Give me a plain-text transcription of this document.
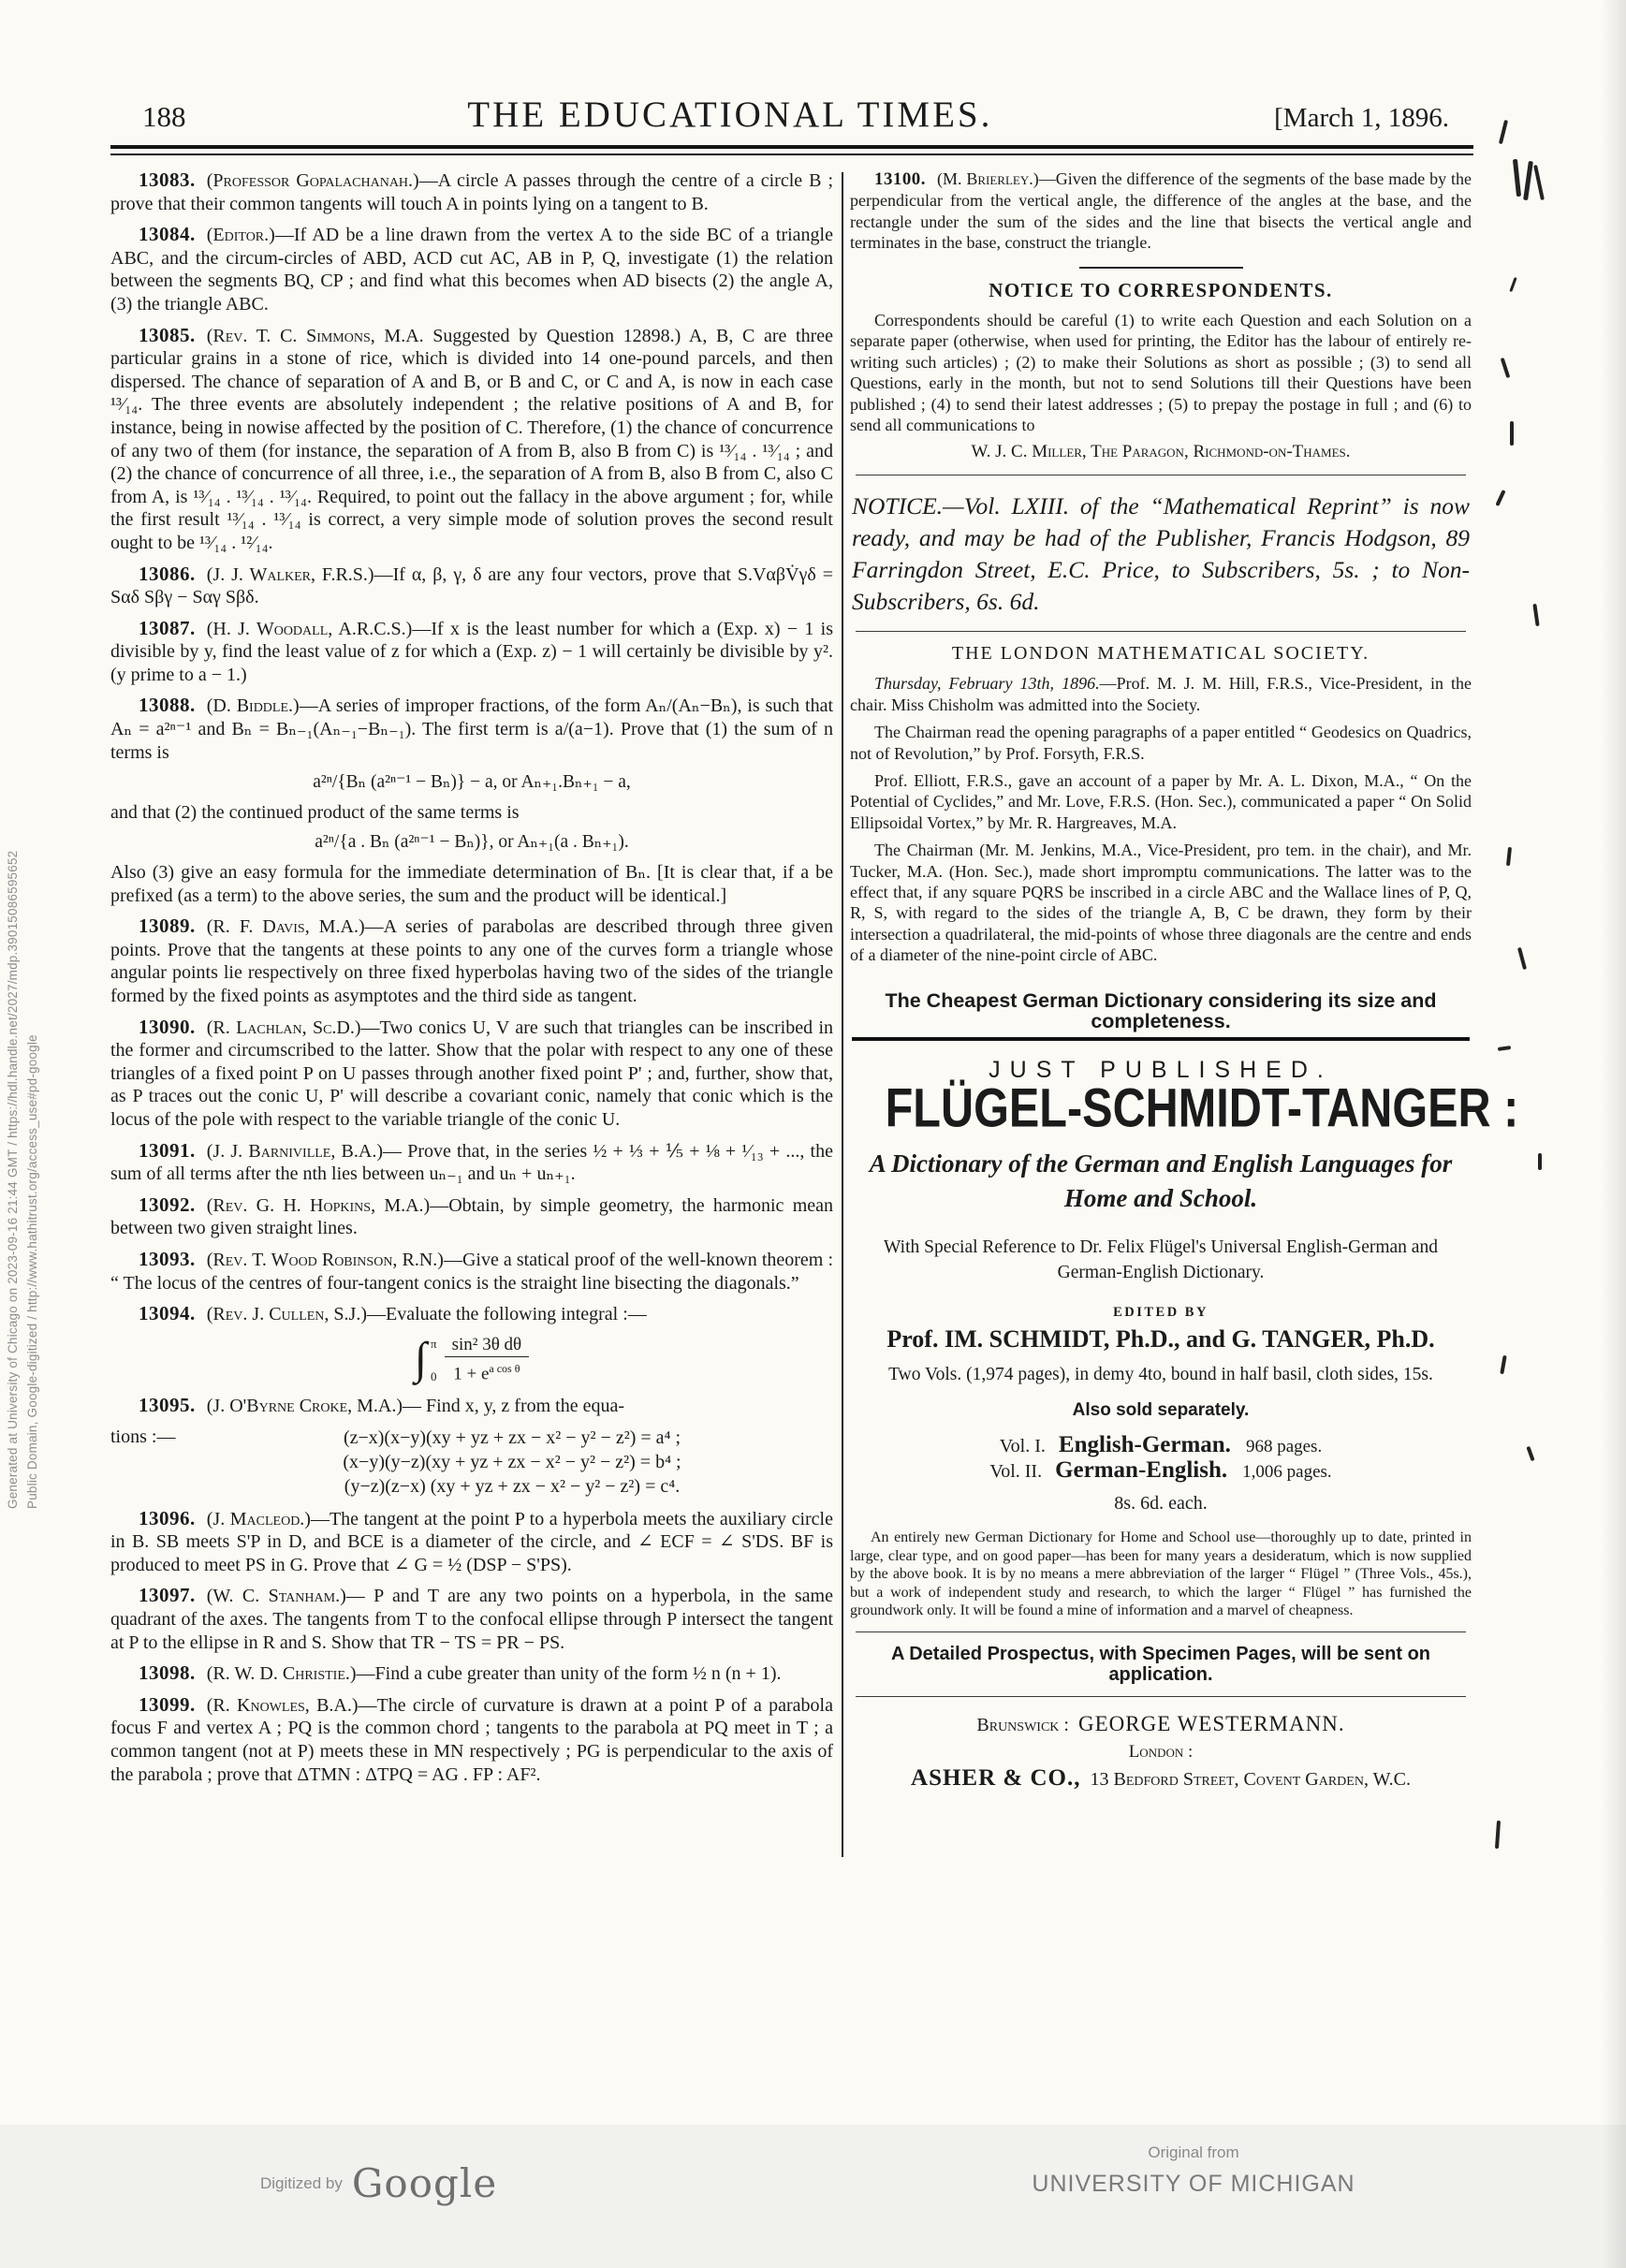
Generated at University of Chicago on 2023-09-16 21:44 GMT / https://hdl.handle.net/2027/mdp.39015086595652 Public Domain, Google-digitized / http://www.hathitrust.org/access_use#pd-google
188	THE EDUCATIONAL TIMES.	[March 1, 1896.

13083. (Professor Gopalachanah.)—A circle A passes through the centre of a circle B ; prove that their common tangents will touch A in points lying on a tangent to B.

13084. (Editor.)—If AD be a line drawn from the vertex A to the side BC of a triangle ABC, and the circum-circles of ABD, ACD cut AC, AB in P, Q, investigate (1) the relation between the segments BQ, CP ; and find what this becomes when AD bisects (2) the angle A, (3) the triangle ABC.

13085. (Rev. T. C. Simmons, M.A. Suggested by Question 12898.) A, B, C are three particular grains in a stone of rice, which is divided into 14 one-pound parcels, and then dispersed. The chance of separation of A and B, or B and C, or C and A, is now in each case ¹³⁄₁₄. The three events are absolutely independent ; the relative positions of A and B, for instance, being in nowise affected by the position of C. Therefore, (1) the chance of concurrence of any two of them (for instance, the separation of A from B, also B from C) is ¹³⁄₁₄ . ¹³⁄₁₄ ; and (2) the chance of concurrence of all three, i.e., the separation of A from B, also B from C, also C from A, is ¹³⁄₁₄ . ¹³⁄₁₄ . ¹³⁄₁₄. Required, to point out the fallacy in the above argument ; for, while the first result ¹³⁄₁₄ . ¹³⁄₁₄ is correct, a very simple mode of solution proves the second result ought to be ¹³⁄₁₄ . ¹²⁄₁₄.

13086. (J. J. Walker, F.R.S.)—If α, β, γ, δ are any four vectors, prove that S.VαβV̇γδ = Sαδ Sβγ − Sαγ Sβδ.

13087. (H. J. Woodall, A.R.C.S.)—If x is the least number for which a (Exp. x) − 1 is divisible by y, find the least value of z for which a (Exp. z) − 1 will certainly be divisible by y². (y prime to a − 1.)

13088. (D. Biddle.)—A series of improper fractions, of the form Aₙ/(Aₙ−Bₙ), is such that Aₙ = a²ⁿ⁻¹ and Bₙ = Bₙ₋₁(Aₙ₋₁−Bₙ₋₁). The first term is a/(a−1). Prove that (1) the sum of n terms is

a²ⁿ/{Bₙ (a²ⁿ⁻¹ − Bₙ)} − a, or Aₙ₊₁.Bₙ₊₁ − a,

and that (2) the continued product of the same terms is

a²ⁿ/{a . Bₙ (a²ⁿ⁻¹ − Bₙ)}, or Aₙ₊₁(a . Bₙ₊₁).

Also (3) give an easy formula for the immediate determination of Bₙ. [It is clear that, if a be prefixed (as a term) to the above series, the sum and the product will be identical.]

13089. (R. F. Davis, M.A.)—A series of parabolas are described through three given points. Prove that the tangents at these points to any one of the curves form a triangle whose angular points lie respectively on three fixed hyperbolas having two of the sides of the triangle formed by the fixed points as asymptotes and the third side as tangent.

13090. (R. Lachlan, Sc.D.)—Two conics U, V are such that triangles can be inscribed in the former and circumscribed to the latter. Show that the polar with respect to any one of these triangles of a fixed point P on U passes through another fixed point P' ; and, further, show that, as P traces out the conic U, P' will describe a covariant conic, namely that conic which is the locus of the pole with respect to the variable triangle of the conic U.

13091. (J. J. Barniville, B.A.)— Prove that, in the series ½ + ⅓ + ⅕ + ⅛ + ¹⁄₁₃ + ..., the sum of all terms after the nth lies between uₙ₋₁ and uₙ + uₙ₊₁.

13092. (Rev. G. H. Hopkins, M.A.)—Obtain, by simple geometry, the harmonic mean between two given straight lines.

13093. (Rev. T. Wood Robinson, R.N.)—Give a statical proof of the well-known theorem : “ The locus of the centres of four-tangent conics is the straight line bisecting the diagonals.”

13094. (Rev. J. Cullen, S.J.)—Evaluate the following integral :—

∫ π
$0 \frac{\text{sin² 3θ dθ}}{1 + e^{a cos \theta}}$

13095. (J. O'Byrne Croke, M.A.)— Find x, y, z from the equa-

tions :—	(z−x)(x−y)(xy + yz + zx − x² − y² − z²) = a⁴ ;
(x−y)(y−z)(xy + yz + zx − x² − y² − z²) = b⁴ ;
(y−z)(z−x) (xy + yz + zx − x² − y² − z²) = c⁴.

13096. (J. Macleod.)—The tangent at the point P to a hyperbola meets the auxiliary circle in B. SB meets S'P in D, and BCE is a diameter of the circle, and ∠ ECF = ∠ S'DS. BF is produced to meet PS in G. Prove that ∠ G = ½ (DSP − S'PS).

13097. (W. C. Stanham.)— P and T are any two points on a hyperbola, in the same quadrant of the axes. The tangents from T to the confocal ellipse through P intersect the tangent at P to the ellipse in R and S. Show that TR − TS = PR − PS.

13098. (R. W. D. Christie.)—Find a cube greater than unity of the form ½ n (n + 1).

13099. (R. Knowles, B.A.)—The circle of curvature is drawn at a point P of a parabola focus F and vertex A ; PQ is the common chord ; tangents to the parabola at PQ meet in T ; a common tangent (not at P) meets these in MN respectively ; PG is perpendicular to the axis of the parabola ; prove that ΔTMN : ΔTPQ = AG . FP : AF².

13100. (M. Brierley.)—Given the difference of the segments of the base made by the perpendicular from the vertical angle, the difference of the angles at the base, and the rectangle under the sum of the sides and the line that bisects the vertical angle and terminates in the base, construct the triangle.

NOTICE TO CORRESPONDENTS.

Correspondents should be careful (1) to write each Question and each Solution on a separate paper (otherwise, when used for printing, the Editor has the labour of entirely re-writing such articles) ; (2) to make their Solutions as short as possible ; (3) to send all Questions, early in the month, but not to send Solutions till their Questions have been published ; (4) to send their latest addresses ; (5) to prepay the postage in full ; and (6) to send all communications to

W. J. C. Miller, The Paragon, Richmond-on-Thames.

NOTICE.—Vol. LXIII. of the “Mathematical Reprint” is now ready, and may be had of the Publisher, Francis Hodgson, 89 Farringdon Street, E.C. Price, to Subscribers, 5s. ; to Non-Subscribers, 6s. 6d.

THE LONDON MATHEMATICAL SOCIETY.

Thursday, February 13th, 1896.—Prof. M. J. M. Hill, F.R.S., Vice-President, in the chair. Miss Chisholm was admitted into the Society.

The Chairman read the opening paragraphs of a paper entitled “ Geodesics on Quadrics, not of Revolution,” by Prof. Forsyth, F.R.S.

Prof. Elliott, F.R.S., gave an account of a paper by Mr. A. L. Dixon, M.A., “ On the Potential of Cyclides,” and Mr. Love, F.R.S. (Hon. Sec.), communicated a paper “ On Solid Ellipsoidal Vortex,” by Mr. R. Hargreaves, M.A.

The Chairman (Mr. M. Jenkins, M.A., Vice-President, pro tem. in the chair), and Mr. Tucker, M.A. (Hon. Sec.), made short impromptu communications. The latter was to the effect that, if any square PQRS be inscribed in a circle ABC and the Wallace lines of P, Q, R, S, with regard to the sides of the triangle A, B, C be drawn, they form by their intersection a quadrilateral, the mid-points of whose three diagonals are the centre and ends of a diameter of the nine-point circle of ABC.

The Cheapest German Dictionary considering its size and completeness.
JUST PUBLISHED.
FLÜGEL-SCHMIDT-TANGER :
A Dictionary of the German and English Languages for Home and School.
With Special Reference to Dr. Felix Flügel's Universal English-German and German-English Dictionary.
EDITED BY
Prof. IM. SCHMIDT, Ph.D., and G. TANGER, Ph.D.
Two Vols. (1,974 pages), in demy 4to, bound in half basil, cloth sides, 15s.
Also sold separately.
Vol. I. English-German. 968 pages.
Vol. II. German-English. 1,006 pages.
8s. 6d. each.

An entirely new German Dictionary for Home and School use—thoroughly up to date, printed in large, clear type, and on good paper—has been for many years a desideratum, which is now supplied by the above book. It is by no means a mere abbreviation of the larger “ Flügel ” (Three Vols., 45s.), but a work of independent study and research, to which the larger “ Flügel ” has furnished the groundwork only. It will be found a mine of information and a marvel of cheapness.

A Detailed Prospectus, with Specimen Pages, will be sent on application.
Brunswick : GEORGE WESTERMANN.
London :
ASHER & CO., 13 Bedford Street, Covent Garden, W.C.
Digitized by Google
Original from
UNIVERSITY OF MICHIGAN
